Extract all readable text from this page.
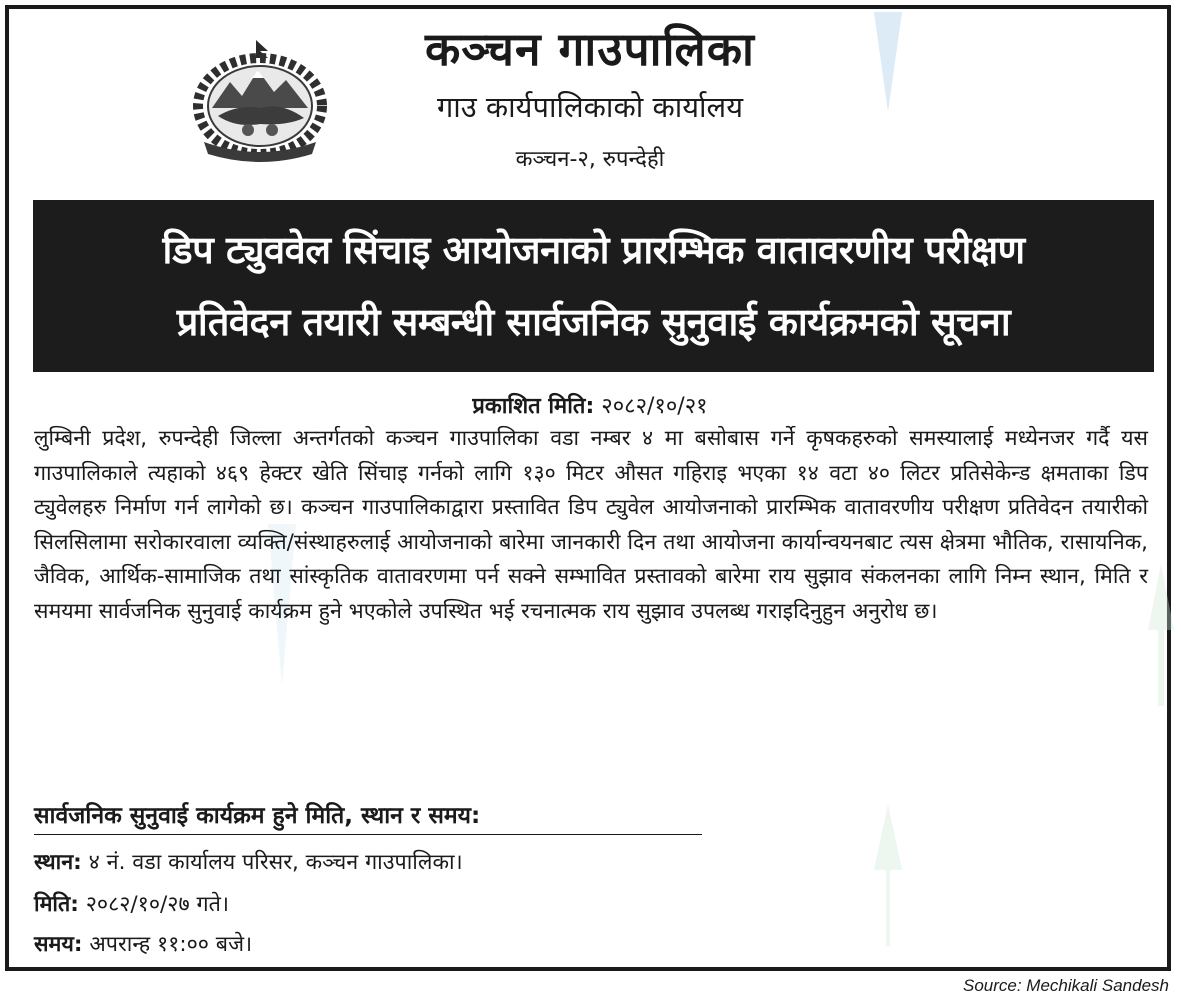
कञ्चन गाउपालिका
गाउ कार्यपालिकाको कार्यालय
कञ्चन-२, रुपन्देही
डिप ट्युववेल सिंचाइ आयोजनाको प्रारम्भिक वातावरणीय परीक्षण
प्रतिवेदन तयारी सम्बन्धी सार्वजनिक सुनुवाई कार्यक्रमको सूचना
प्रकाशित मिति: २०८२/१०/२१
लुम्बिनी प्रदेश, रुपन्देही जिल्ला अन्तर्गतको कञ्चन गाउपालिका वडा नम्बर ४ मा बसोबास गर्ने कृषकहरुको समस्यालाई मध्येनजर गर्दै यस गाउपालिकाले त्यहाको ४६९ हेक्टर खेति सिंचाइ गर्नको लागि १३० मिटर औसत गहिराइ भएका १४ वटा ४० लिटर प्रतिसेकेन्ड क्षमताका डिप ट्युवेलहरु निर्माण गर्न लागेको छ। कञ्चन गाउपालिकाद्वारा प्रस्तावित डिप ट्युवेल आयोजनाको प्रारम्भिक वातावरणीय परीक्षण प्रतिवेदन तयारीको सिलसिलामा सरोकारवाला व्यक्ति/संस्थाहरुलाई आयोजनाको बारेमा जानकारी दिन तथा आयोजना कार्यान्वयनबाट त्यस क्षेत्रमा भौतिक, रासायनिक, जैविक, आर्थिक-सामाजिक तथा सांस्कृतिक वातावरणमा पर्न सक्ने सम्भावित प्रस्तावको बारेमा राय सुझाव संकलनका लागि निम्न स्थान, मिति र समयमा सार्वजनिक सुनुवाई कार्यक्रम हुने भएकोले उपस्थित भई रचनात्मक राय सुझाव उपलब्ध गराइदिनुहुन अनुरोध छ।
सार्वजनिक सुनुवाई कार्यक्रम हुने मिति, स्थान र समय:
स्थान: ४ नं. वडा कार्यालय परिसर, कञ्चन गाउपालिका।
मिति: २०८२/१०/२७ गते।
समय: अपरान्ह ११:०० बजे।
Source: Mechikali Sandesh
